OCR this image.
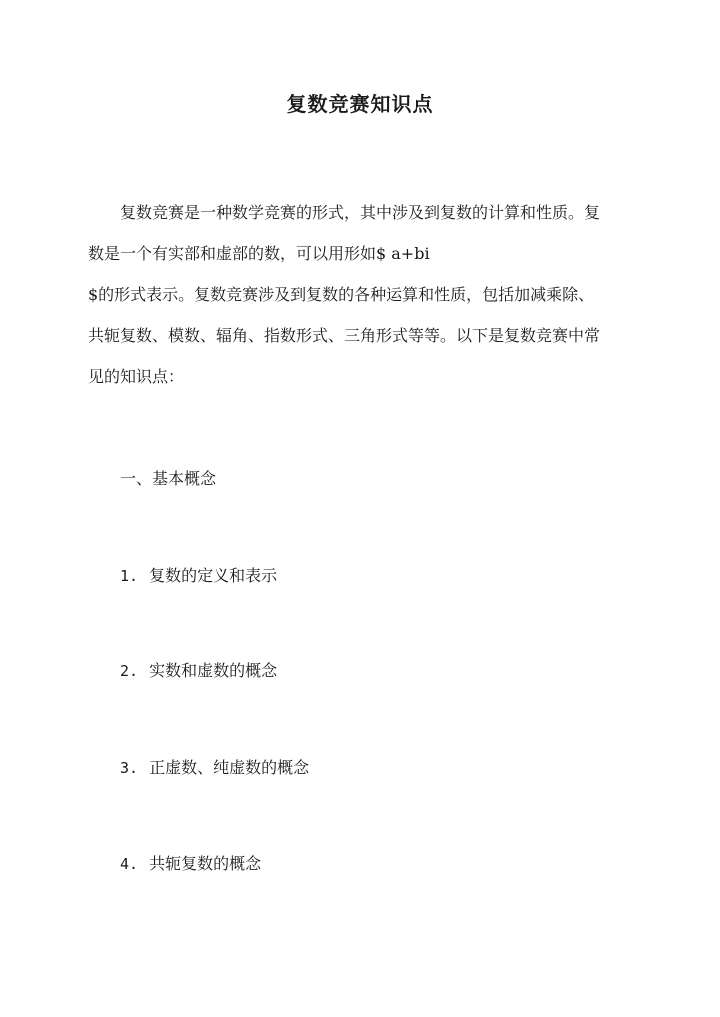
复数竞赛知识点
复数竞赛是一种数学竞赛的形式，其中涉及到复数的计算和性质。复
数是一个有实部和虚部的数，可以用形如$ a+bi
$的形式表示。复数竞赛涉及到复数的各种运算和性质，包括加减乘除、
共轭复数、模数、辐角、指数形式、三角形式等等。以下是复数竞赛中常
见的知识点：
一、基本概念
1. 复数的定义和表示
2. 实数和虚数的概念
3. 正虚数、纯虚数的概念
4. 共轭复数的概念
